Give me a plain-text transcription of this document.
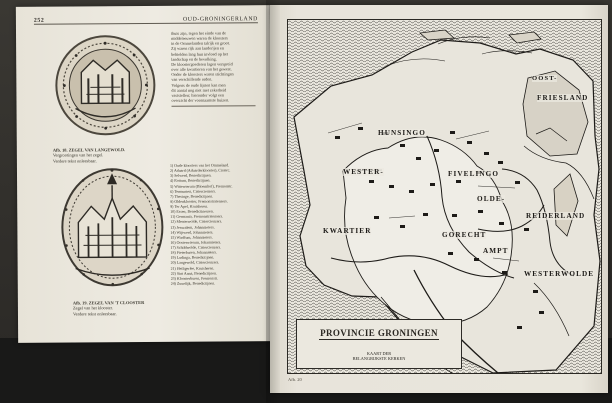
252	OUD-GRONINGERLAND
Afb. 18. ZEGEL VAN LANGEWOLD.
Vergrootingen van het zegel.
Verdere tekst onleesbaar.
Afb. 19. ZEGEL VAN 'T CLOOSTER
Zegel van het klooster.
Verdere tekst onleesbaar.
thuis zijn, tegen het einde van de
middeleeuwen waren de kloosters
in de Ommelanden talrijk en groot.
Zij waren rijk aan landerijen en
behielden lang hun invloed op het
landschap en de bevolking.
De kloostergoederen lagen verspreid
over alle kwartieren van het gewest.
Onder de kloosters waren stichtingen
van verschillende orden.
Volgens de oude lijsten kan men
dit aantal nog niet met zekerheid
vaststellen; hieronder volgt een
overzicht der voornaamste huizen.
1) Oude kloosters van het Ommeland.
2) Aduard (Aduarderklooster), Cisterc.
3) Selwerd, Benedictijnen.
4) Rottum, Benedictijnen.
5) Wittewierum (Bloemhof), Premonstr.
6) Termunten, Cistercienzers.
7) Thesinge, Benedictijnen.
8) Oldenklooster, Premonstratensers.
9) Ter Apel, Kruisheren.
10) Essen, Benedictinessen.
11) Germania, Premonstratensers.
12) Menterwolde, Cistercienzers.
13) Jeruzalem, Johannieters.
14) Wijtwerd, Johannieters.
15) Warffum, Johannieters.
16) Oosterwierum, Johannieters.
17) Schildwolde, Cistercienzers.
18) Pieterburen, Johannieters.
19) Ludinga, Benedictijnen.
20) Langewold, Cistercienzers.
21) Heiligerlee, Kruisheren.
22) Sint Anna, Benedictijnen.
23) Kloosterburen, Premonstr.
24) Zuurdijk, Benedictijnen.
OOST-
FRIESLAND
HUNSINGO
WESTER-	FIVELINGO
KWARTIER
OLDE-
GORECHT
AMPT
REIDERLAND
WESTERWOLDE
PROVINCIE GRONINGEN
KAART DER
BELANGRIJKSTE KERKEN
Afb. 20
